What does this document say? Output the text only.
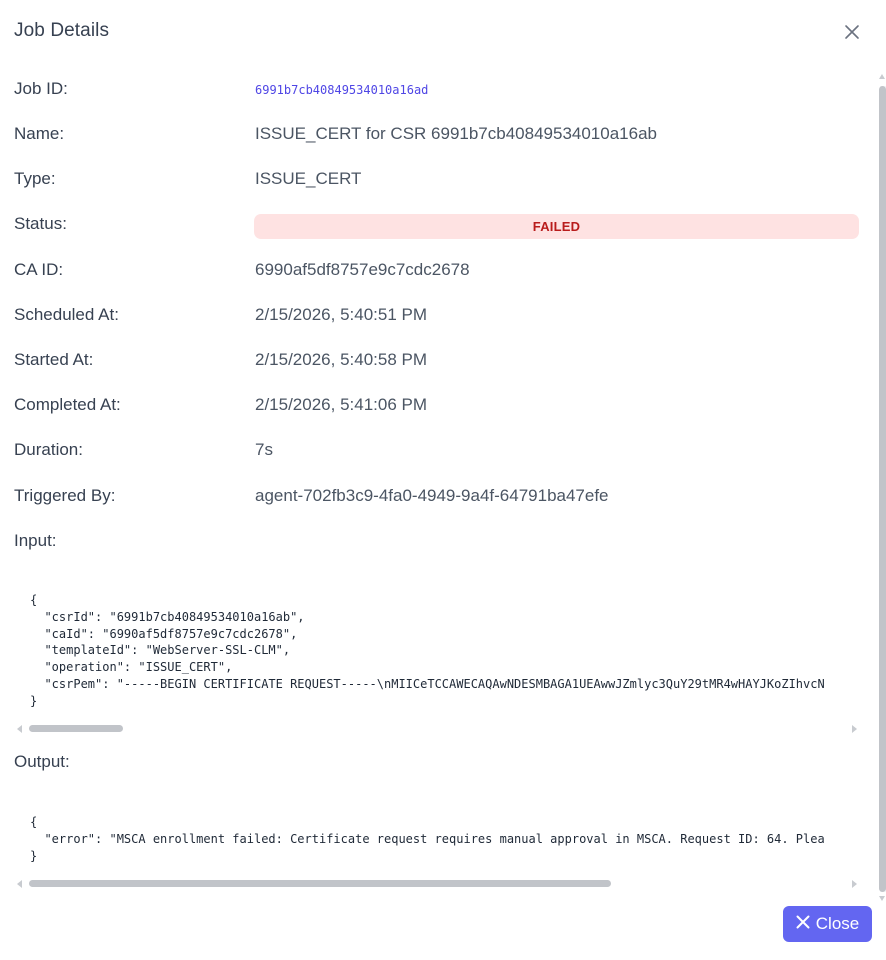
Job Details
Job ID:	6991b7cb40849534010a16ad
Name:	ISSUE_CERT for CSR 6991b7cb40849534010a16ab
Type:	ISSUE_CERT
Status:	FAILED
CA ID:	6990af5df8757e9c7cdc2678
Scheduled At:	2/15/2026, 5:40:51 PM
Started At:	2/15/2026, 5:40:58 PM
Completed At:	2/15/2026, 5:41:06 PM
Duration:	7s
Triggered By:	agent-702fb3c9-4fa0-4949-9a4f-64791ba47efe
Input:
{
"csrId": "6991b7cb40849534010a16ab",
"caId": "6990af5df8757e9c7cdc2678",
"templateId": "WebServer-SSL-CLM",
"operation": "ISSUE_CERT",
"csrPem": "-----BEGIN CERTIFICATE REQUEST-----\nMIICeTCCAWECAQAwNDESMBAGA1UEAwwJZmlyc3QuY29tMR4wHAYJKoZIhvcN
}
Output:
{
"error": "MSCA enrollment failed: Certificate request requires manual approval in MSCA. Request ID: 64. Plea
}
Close
